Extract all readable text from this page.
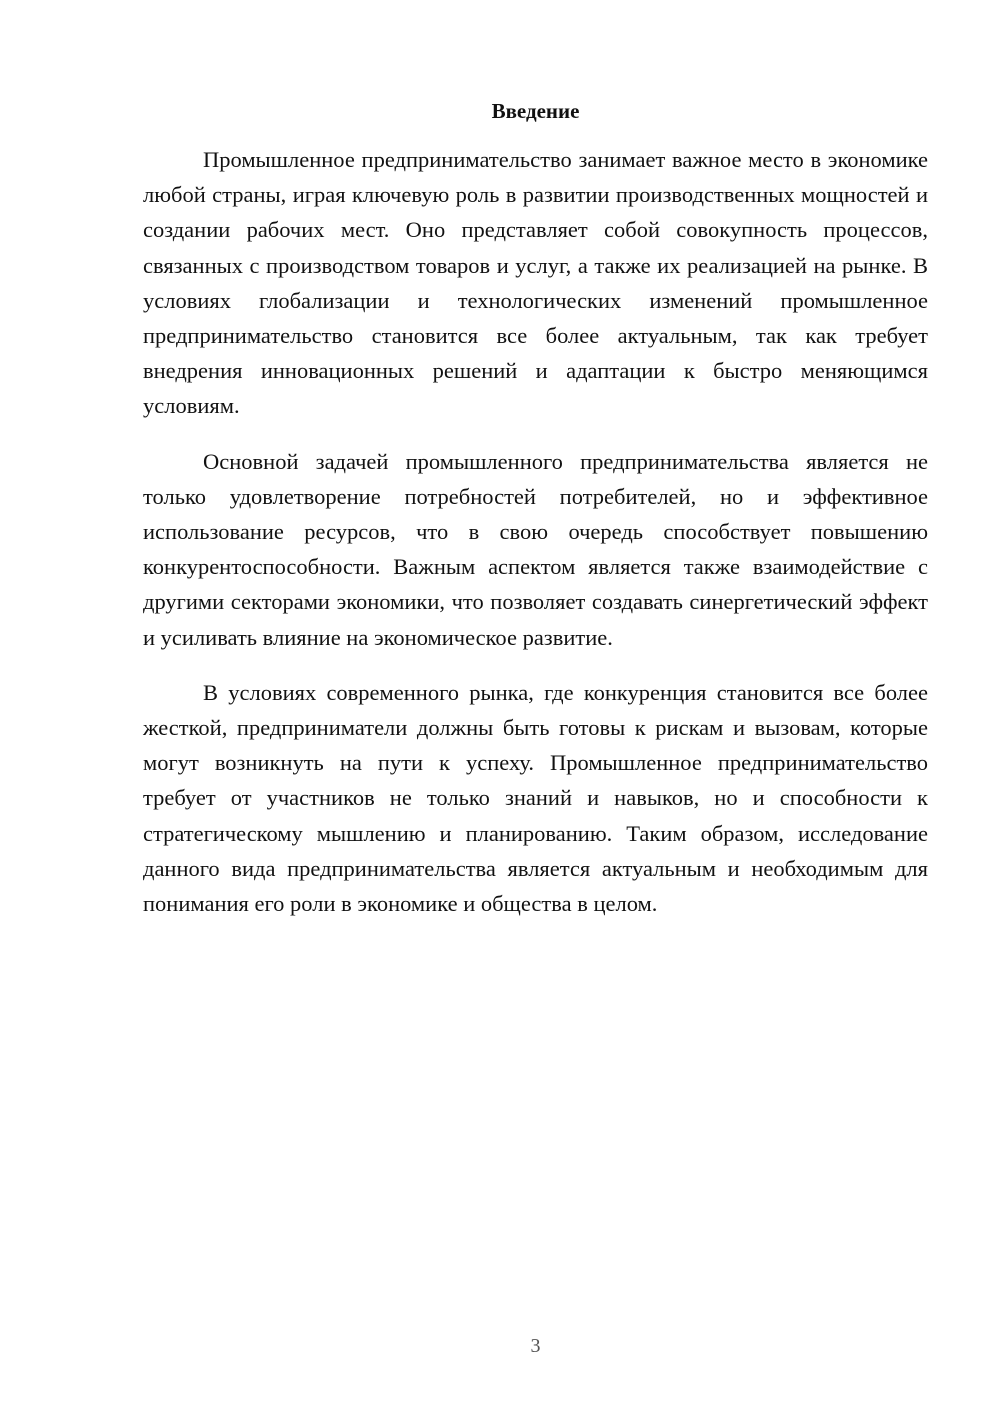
Введение

Промышленное предпринимательство занимает важное место в экономике любой страны, играя ключевую роль в развитии производственных мощностей и создании рабочих мест. Оно представляет собой совокупность процессов, связанных с производством товаров и услуг, а также их реализацией на рынке. В условиях глобализации и технологических изменений промышленное предпринимательство становится все более актуальным, так как требует внедрения инновационных решений и адаптации к быстро меняющимся условиям.

Основной задачей промышленного предпринимательства является не только удовлетворение потребностей потребителей, но и эффективное использование ресурсов, что в свою очередь способствует повышению конкурентоспособности. Важным аспектом является также взаимодействие с другими секторами экономики, что позволяет создавать синергетический эффект и усиливать влияние на экономическое развитие.

В условиях современного рынка, где конкуренция становится все более жесткой, предприниматели должны быть готовы к рискам и вызовам, которые могут возникнуть на пути к успеху. Промышленное предпринимательство требует от участников не только знаний и навыков, но и способности к стратегическому мышлению и планированию. Таким образом, исследование данного вида предпринимательства является актуальным и необходимым для понимания его роли в экономике и общества в целом.

3
